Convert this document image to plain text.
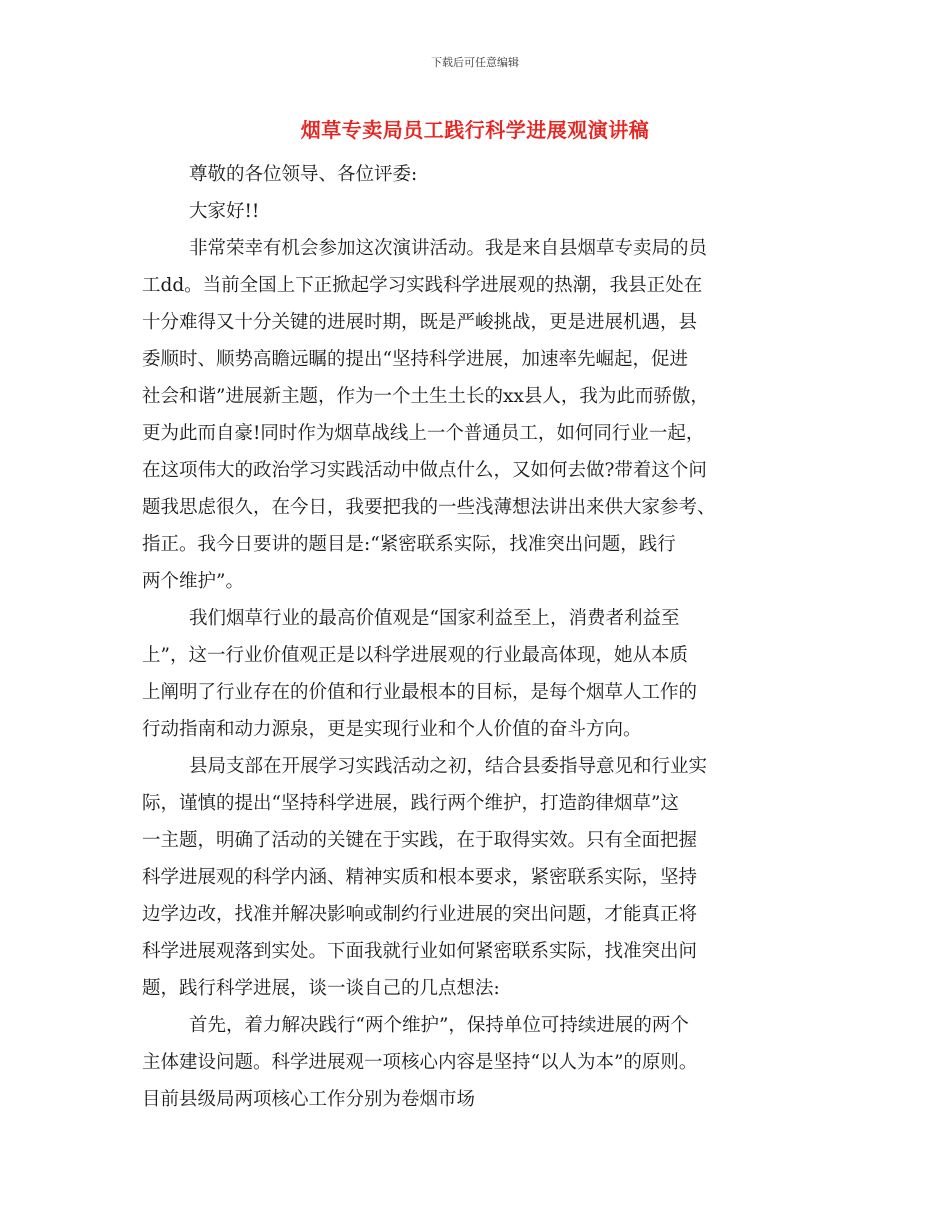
下载后可任意编辑
烟草专卖局员工践行科学进展观演讲稿
尊敬的各位领导、各位评委:
大家好!!
非常荣幸有机会参加这次演讲活动。我是来自县烟草专卖局的员
工dd。当前全国上下正掀起学习实践科学进展观的热潮，我县正处在
十分难得又十分关键的进展时期，既是严峻挑战，更是进展机遇，县
委顺时、顺势高瞻远瞩的提出“坚持科学进展，加速率先崛起，促进
社会和谐”进展新主题，作为一个土生土长的xx县人，我为此而骄傲，
更为此而自豪!同时作为烟草战线上一个普通员工，如何同行业一起，
在这项伟大的政治学习实践活动中做点什么，又如何去做?带着这个问
题我思虑很久，在今日，我要把我的一些浅薄想法讲出来供大家参考、
指正。我今日要讲的题目是:“紧密联系实际，找准突出问题，践行
两个维护”。
我们烟草行业的最高价值观是“国家利益至上，消费者利益至
上”，这一行业价值观正是以科学进展观的行业最高体现，她从本质
上阐明了行业存在的价值和行业最根本的目标，是每个烟草人工作的
行动指南和动力源泉，更是实现行业和个人价值的奋斗方向。
县局支部在开展学习实践活动之初，结合县委指导意见和行业实
际，谨慎的提出“坚持科学进展，践行两个维护，打造韵律烟草”这
一主题，明确了活动的关键在于实践，在于取得实效。只有全面把握
科学进展观的科学内涵、精神实质和根本要求，紧密联系实际，坚持
边学边改，找准并解决影响或制约行业进展的突出问题，才能真正将
科学进展观落到实处。下面我就行业如何紧密联系实际，找准突出问
题，践行科学进展，谈一谈自己的几点想法:
首先，着力解决践行“两个维护”，保持单位可持续进展的两个
主体建设问题。科学进展观一项核心内容是坚持“以人为本”的原则。
目前县级局两项核心工作分别为卷烟市场
